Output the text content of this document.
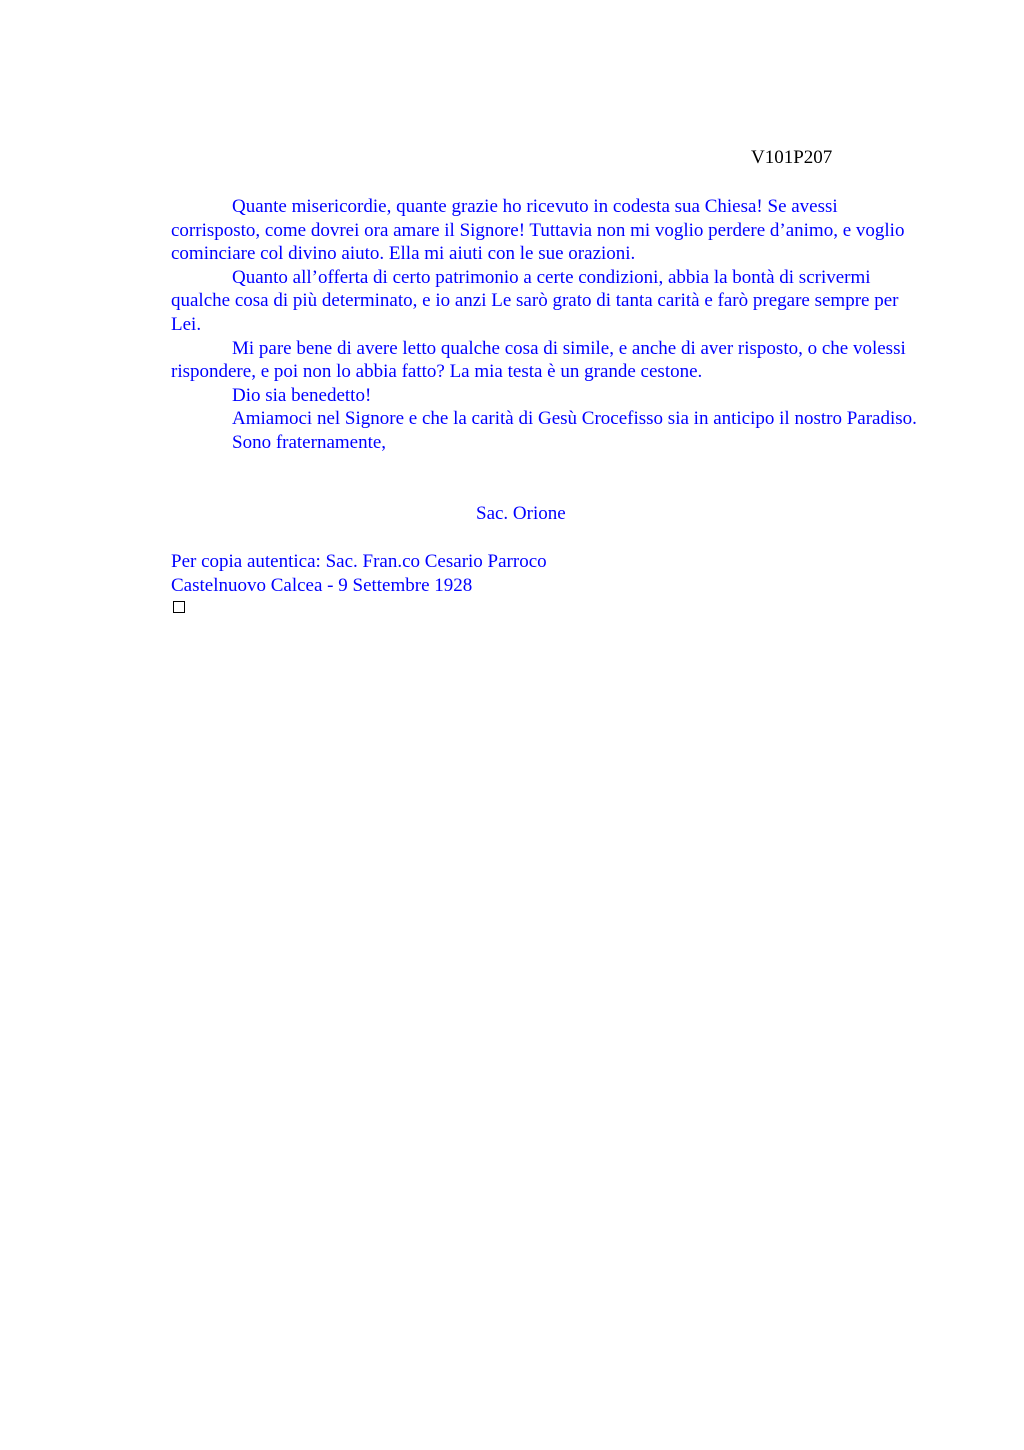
V101P207

Quante misericordie, quante grazie ho ricevuto in codesta sua Chiesa! Se avessi corrisposto, come dovrei ora amare il Signore! Tuttavia non mi voglio perdere d’animo, e voglio cominciare col divino aiuto. Ella mi aiuti con le sue orazioni.

Quanto all’offerta di certo patrimonio a certe condizioni, abbia la bontà di scrivermi qualche cosa di più determinato, e io anzi Le sarò grato di tanta carità e farò pregare sempre per Lei.

Mi pare bene di avere letto qualche cosa di simile, e anche di aver risposto, o che volessi rispondere, e poi non lo abbia fatto? La mia testa è un grande cestone.

Dio sia benedetto!

Amiamoci nel Signore e che la carità di Gesù Crocefisso sia in anticipo il nostro Paradiso.

Sono fraternamente,

Sac. Orione
Per copia autentica: Sac. Fran.co Cesario Parroco
Castelnuovo Calcea - 9 Settembre 1928
